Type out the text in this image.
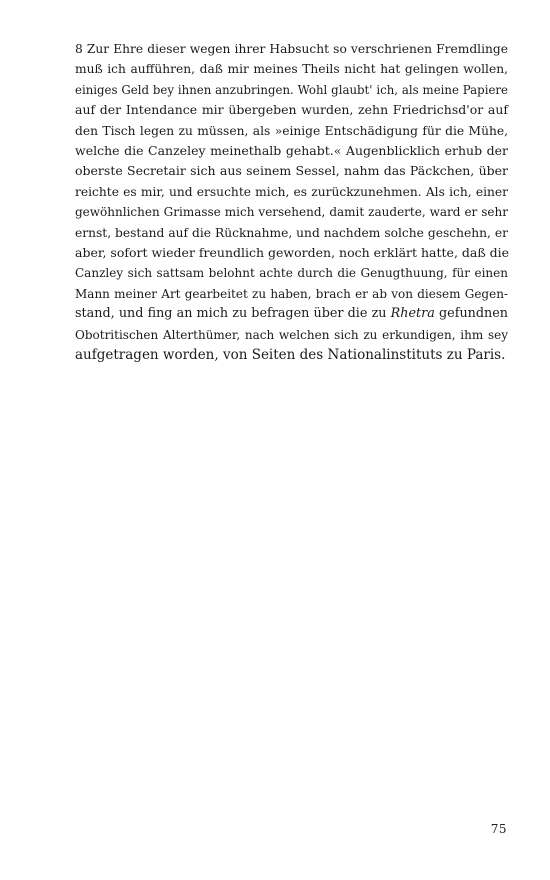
8 Zur Ehre dieser wegen ihrer Habsucht so verschrienen Fremdlinge
muß ich aufführen, daß mir meines Theils nicht hat gelingen wollen,
einiges Geld bey ihnen anzubringen. Wohl glaubt' ich, als meine Papiere
auf der Intendance mir übergeben wurden, zehn Friedrichsd'or auf
den Tisch legen zu müssen, als »einige Entschädigung für die Mühe,
welche die Canzeley meinethalb gehabt.« Augenblicklich erhub der
oberste Secretair sich aus seinem Sessel, nahm das Päckchen, über
reichte es mir, und ersuchte mich, es zurückzunehmen. Als ich, einer
gewöhnlichen Grimasse mich versehend, damit zauderte, ward er sehr
ernst, bestand auf die Rücknahme, und nachdem solche geschehn, er
aber, sofort wieder freundlich geworden, noch erklärt hatte, daß die
Canzley sich sattsam belohnt achte durch die Genugthuung, für einen
Mann meiner Art gearbeitet zu haben, brach er ab von diesem Gegen-
stand, und fing an mich zu befragen über die zu Rhetra gefundnen
Obotritischen Alterthümer, nach welchen sich zu erkundigen, ihm sey
aufgetragen worden, von Seiten des Nationalinstituts zu Paris.
75
